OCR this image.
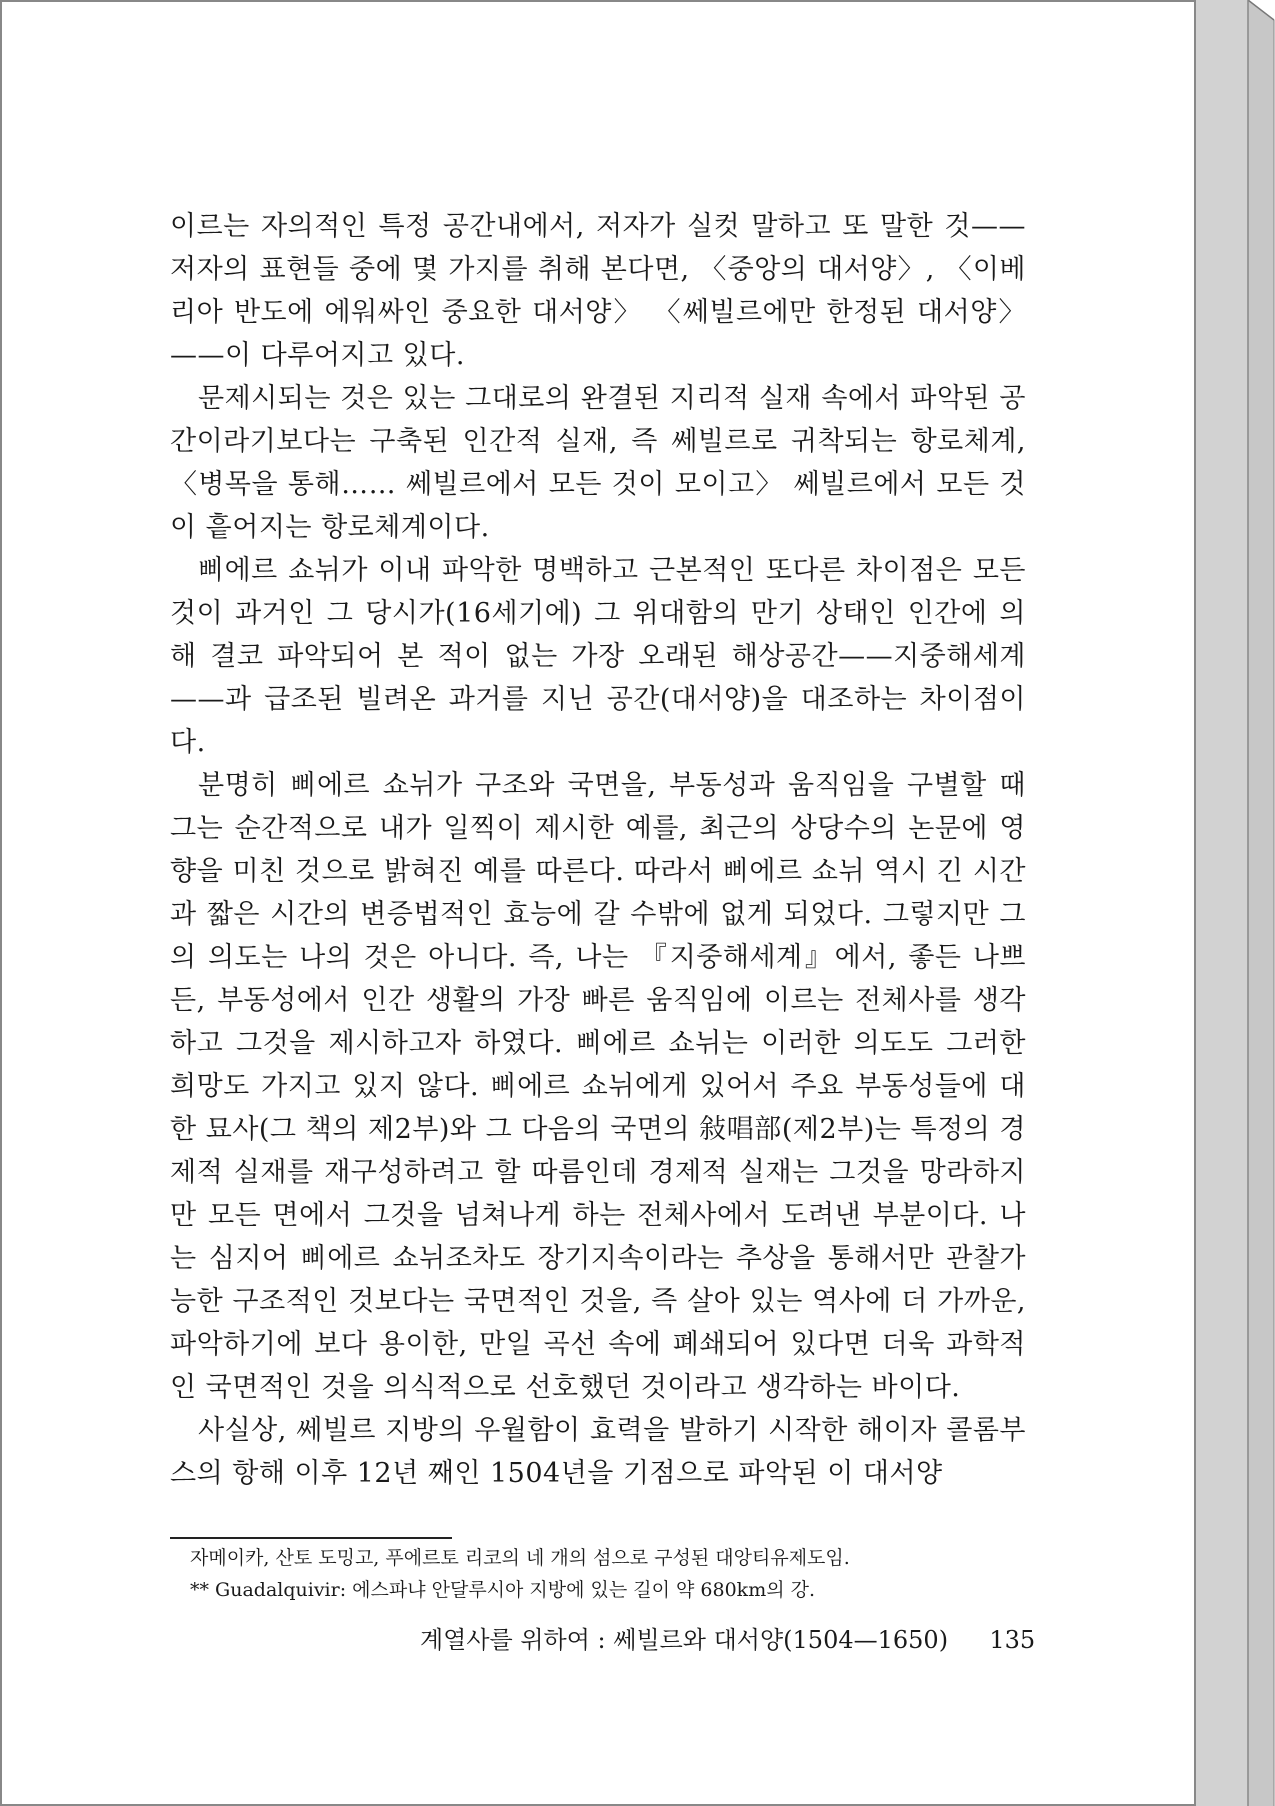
이르는 자의적인 특정 공간내에서, 저자가 실컷 말하고 또 말한 것——저자의 표현들 중에 몇 가지를 취해 본다면, 〈중앙의 대서양〉, 〈이베리아 반도에 에워싸인 중요한 대서양〉 〈쎄빌르에만 한정된 대서양〉——이 다루어지고 있다.

문제시되는 것은 있는 그대로의 완결된 지리적 실재 속에서 파악된 공간이라기보다는 구축된 인간적 실재, 즉 쎄빌르로 귀착되는 항로체계, 〈병목을 통해…… 쎄빌르에서 모든 것이 모이고〉 쎄빌르에서 모든 것이 흩어지는 항로체계이다.

삐에르 쇼뉘가 이내 파악한 명백하고 근본적인 또다른 차이점은 모든 것이 과거인 그 당시가(16세기에) 그 위대함의 만기 상태인 인간에 의해 결코 파악되어 본 적이 없는 가장 오래된 해상공간——지중해세계——과 급조된 빌려온 과거를 지닌 공간(대서양)을 대조하는 차이점이다.

분명히 삐에르 쇼뉘가 구조와 국면을, 부동성과 움직임을 구별할 때 그는 순간적으로 내가 일찍이 제시한 예를, 최근의 상당수의 논문에 영향을 미친 것으로 밝혀진 예를 따른다. 따라서 삐에르 쇼뉘 역시 긴 시간과 짧은 시간의 변증법적인 효능에 갈 수밖에 없게 되었다. 그렇지만 그의 의도는 나의 것은 아니다. 즉, 나는 『지중해세계』에서, 좋든 나쁘든, 부동성에서 인간 생활의 가장 빠른 움직임에 이르는 전체사를 생각하고 그것을 제시하고자 하였다. 삐에르 쇼뉘는 이러한 의도도 그러한 희망도 가지고 있지 않다. 삐에르 쇼뉘에게 있어서 주요 부동성들에 대한 묘사(그 책의 제2부)와 그 다음의 국면의 敍唱部(제2부)는 특정의 경제적 실재를 재구성하려고 할 따름인데 경제적 실재는 그것을 망라하지만 모든 면에서 그것을 넘쳐나게 하는 전체사에서 도려낸 부분이다. 나는 심지어 삐에르 쇼뉘조차도 장기지속이라는 추상을 통해서만 관찰가능한 구조적인 것보다는 국면적인 것을, 즉 살아 있는 역사에 더 가까운, 파악하기에 보다 용이한, 만일 곡선 속에 폐쇄되어 있다면 더욱 과학적인 국면적인 것을 의식적으로 선호했던 것이라고 생각하는 바이다.

사실상, 쎄빌르 지방의 우월함이 효력을 발하기 시작한 해이자 콜롬부스의 항해 이후 12년 째인 1504년을 기점으로 파악된 이 대서양

자메이카, 산토 도밍고, 푸에르토 리코의 네 개의 섬으로 구성된 대앙티유제도임.

** Guadalquivir: 에스파냐 안달루시아 지방에 있는 길이 약 680km의 강.

계열사를 위하여 : 쎄빌르와 대서양(1504—1650) 135
